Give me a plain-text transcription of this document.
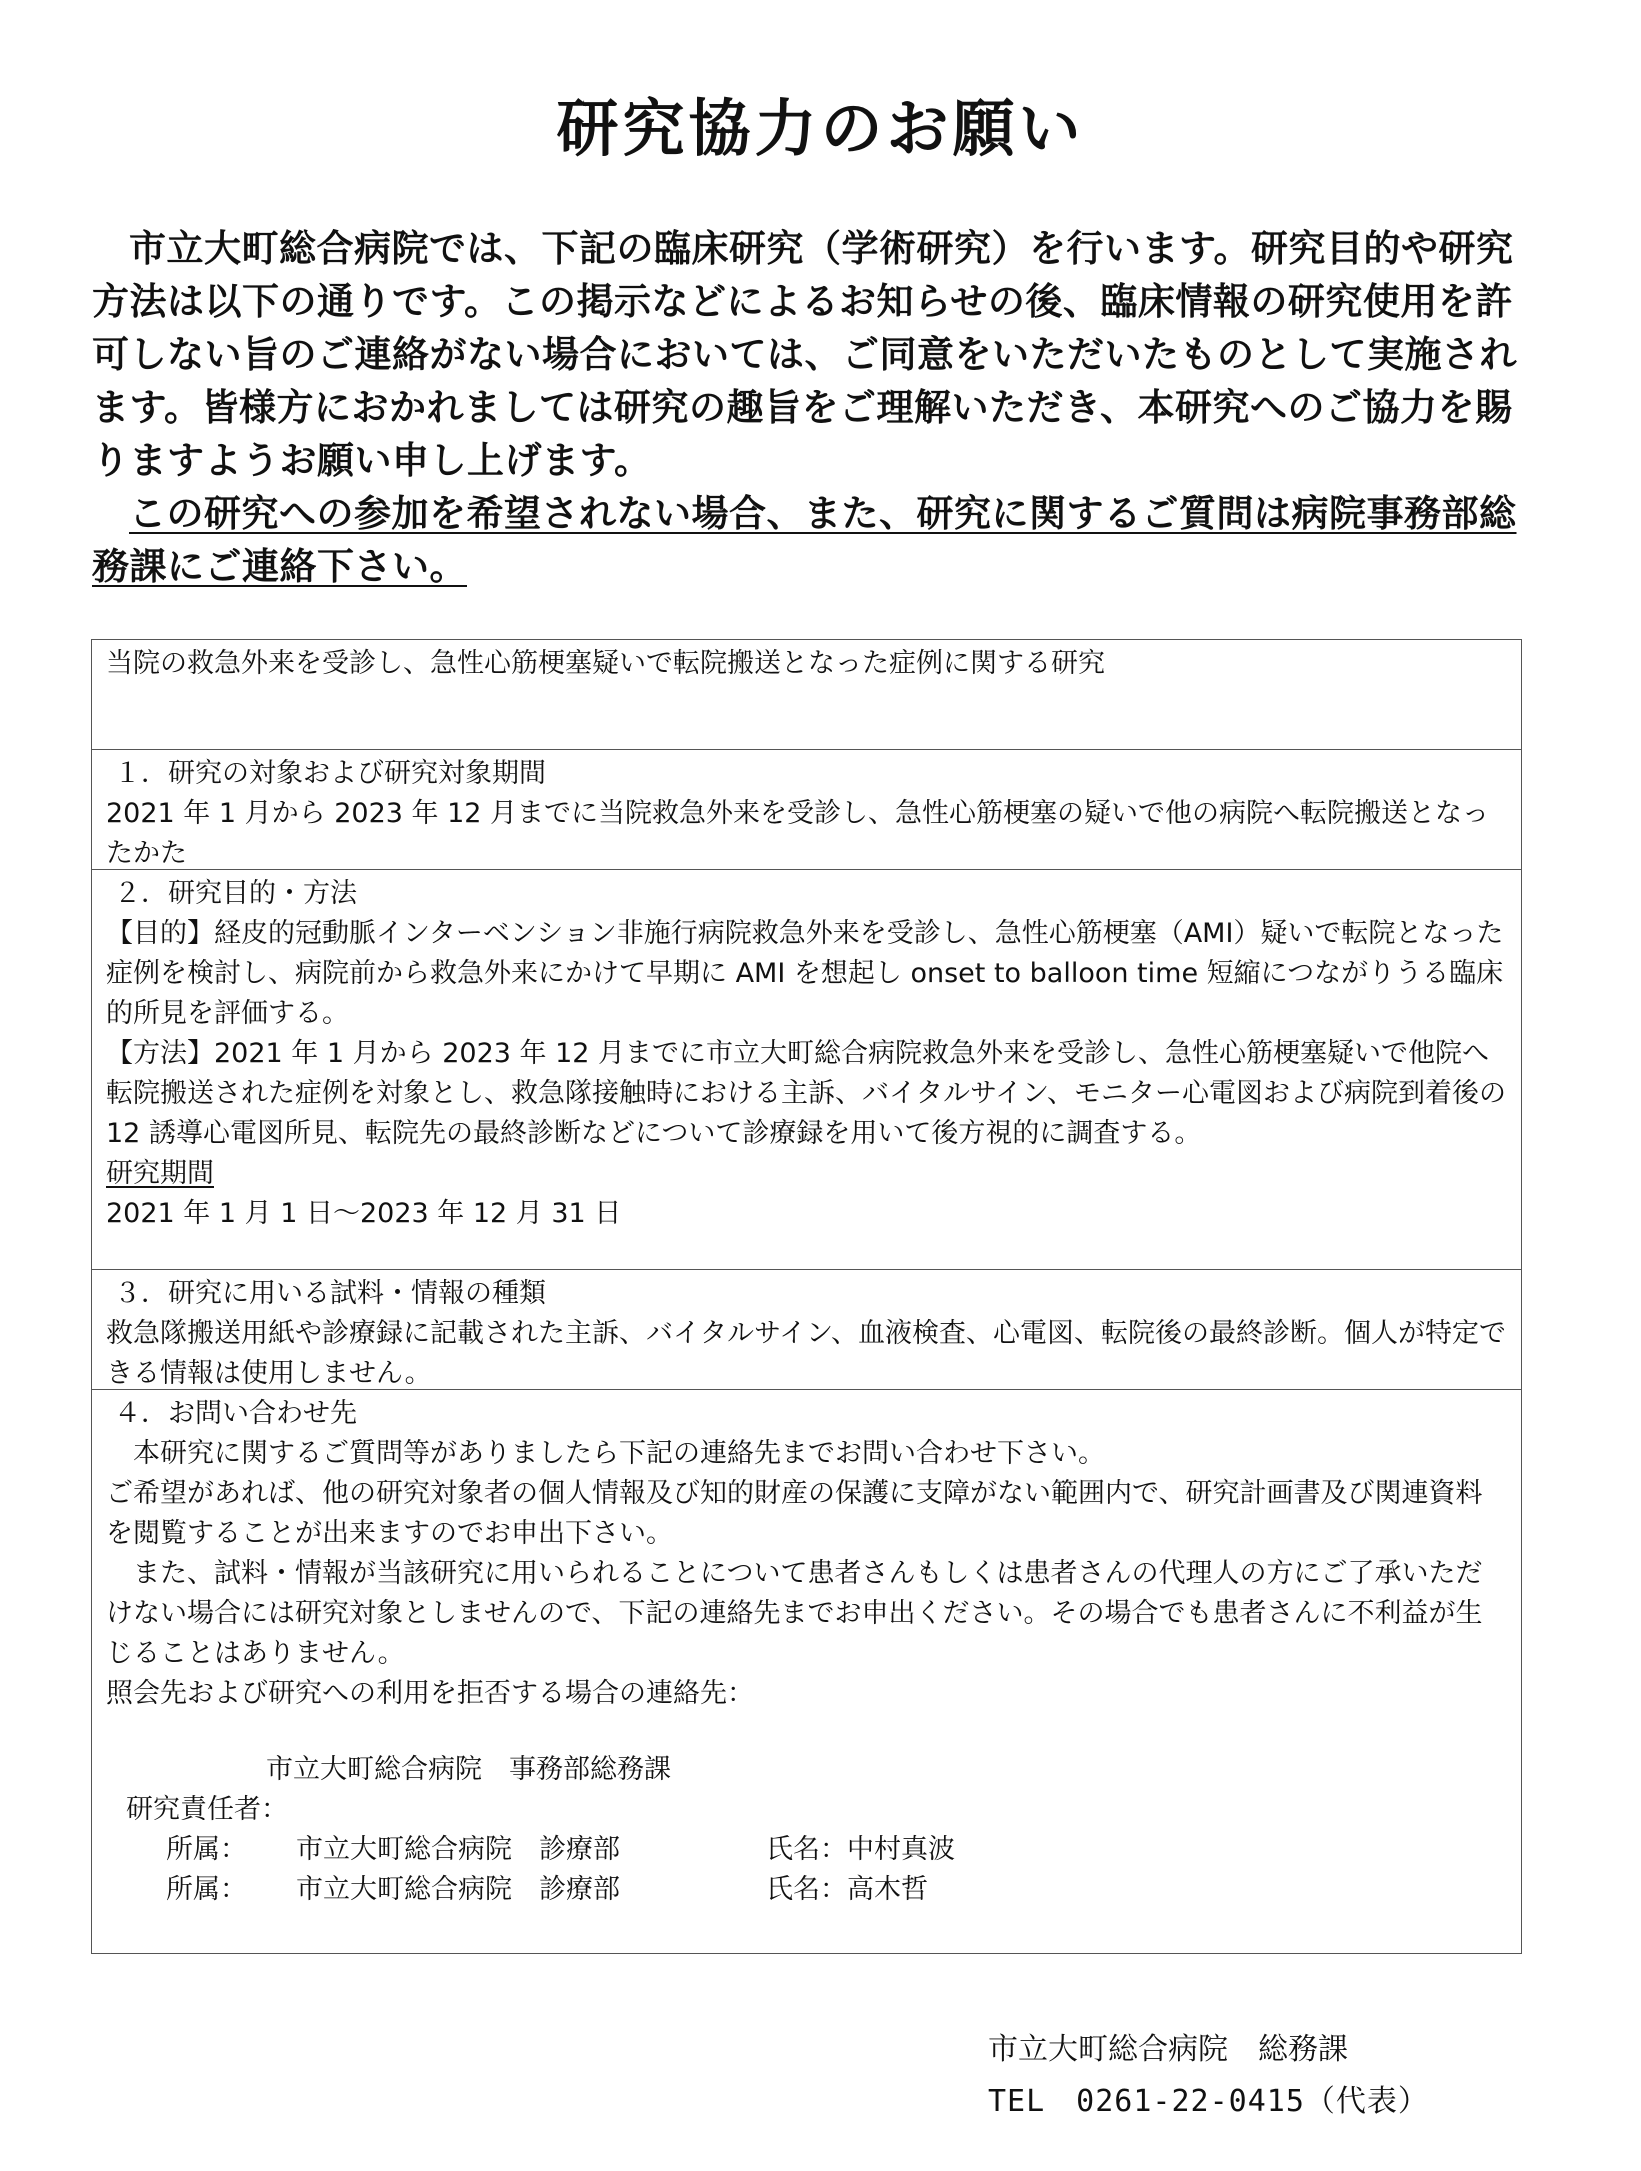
研究協力のお願い

市立大町総合病院では、下記の臨床研究（学術研究）を行います。研究目的や研究方法は以下の通りです。この掲示などによるお知らせの後、臨床情報の研究使用を許可しない旨のご連絡がない場合においては、ご同意をいただいたものとして実施されます。皆様方におかれましては研究の趣旨をご理解いただき、本研究へのご協力を賜りますようお願い申し上げます。

この研究への参加を希望されない場合、また、研究に関するご質問は病院事務部総務課にご連絡下さい。

当院の救急外来を受診し、急性心筋梗塞疑いで転院搬送となった症例に関する研究

１．研究の対象および研究対象期間

2021 年 1 月から 2023 年 12 月までに当院救急外来を受診し、急性心筋梗塞の疑いで他の病院へ転院搬送となったかた

２．研究目的・方法

【目的】経皮的冠動脈インターベンション非施行病院救急外来を受診し、急性心筋梗塞（AMI）疑いで転院となった症例を検討し、病院前から救急外来にかけて早期に AMI を想起し onset to balloon time 短縮につながりうる臨床的所見を評価する。

【方法】2021 年 1 月から 2023 年 12 月までに市立大町総合病院救急外来を受診し、急性心筋梗塞疑いで他院へ転院搬送された症例を対象とし、救急隊接触時における主訴、バイタルサイン、モニター心電図および病院到着後の 12 誘導心電図所見、転院先の最終診断などについて診療録を用いて後方視的に調査する。

研究期間

2021 年 1 月 1 日～2023 年 12 月 31 日

３．研究に用いる試料・情報の種類

救急隊搬送用紙や診療録に記載された主訴、バイタルサイン、血液検査、心電図、転院後の最終診断。個人が特定できる情報は使用しません。

４．お問い合わせ先

本研究に関するご質問等がありましたら下記の連絡先までお問い合わせ下さい。

ご希望があれば、他の研究対象者の個人情報及び知的財産の保護に支障がない範囲内で、研究計画書及び関連資料を閲覧することが出来ますのでお申出下さい。

また、試料・情報が当該研究に用いられることについて患者さんもしくは患者さんの代理人の方にご了承いただけない場合には研究対象としませんので、下記の連絡先までお申出ください。その場合でも患者さんに不利益が生じることはありません。

照会先および研究への利用を拒否する場合の連絡先：

市立大町総合病院　事務部総務課

研究責任者：

所属：	市立大町総合病院　診療部	氏名：中村真波

所属：	市立大町総合病院　診療部	氏名：高木哲

市立大町総合病院　総務課

TEL　0261-22-0415（代表）
